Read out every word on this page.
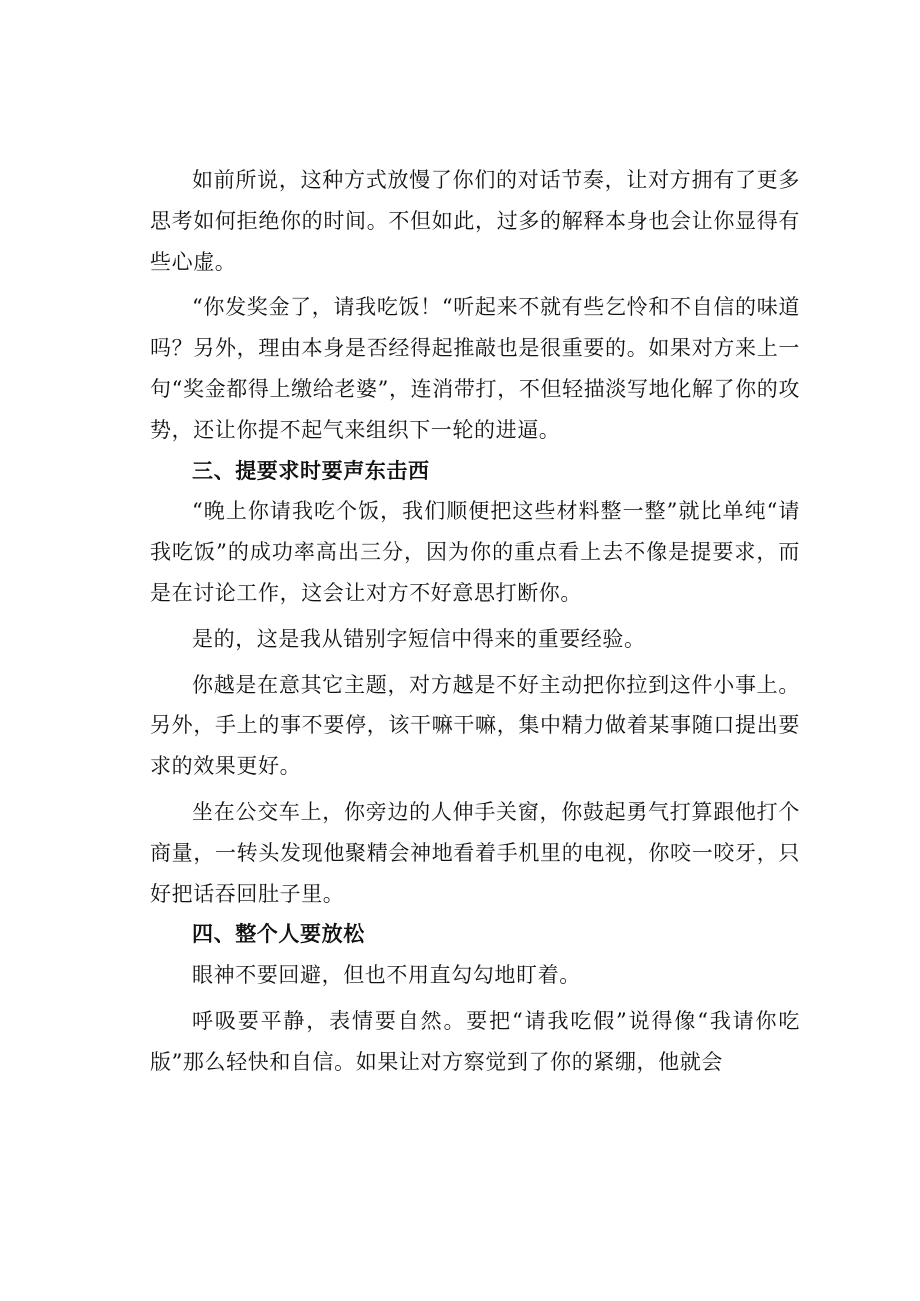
如前所说，这种方式放慢了你们的对话节奏，让对方拥有了更多思考如何拒绝你的时间。不但如此，过多的解释本身也会让你显得有些心虚。

“你发奖金了，请我吃饭！“听起来不就有些乞怜和不自信的味道吗？另外，理由本身是否经得起推敲也是很重要的。如果对方来上一句“奖金都得上缴给老婆”，连消带打，不但轻描淡写地化解了你的攻势，还让你提不起气来组织下一轮的进逼。

三、提要求时要声东击西

“晚上你请我吃个饭，我们顺便把这些材料整一整”就比单纯“请我吃饭”的成功率高出三分，因为你的重点看上去不像是提要求，而是在讨论工作，这会让对方不好意思打断你。

是的，这是我从错别字短信中得来的重要经验。

你越是在意其它主题，对方越是不好主动把你拉到这件小事上。另外，手上的事不要停，该干嘛干嘛，集中精力做着某事随口提出要求的效果更好。

坐在公交车上，你旁边的人伸手关窗，你鼓起勇气打算跟他打个商量，一转头发现他聚精会神地看着手机里的电视，你咬一咬牙，只好把话吞回肚子里。

四、整个人要放松

眼神不要回避，但也不用直勾勾地盯着。

呼吸要平静，表情要自然。要把“请我吃假”说得像“我请你吃版”那么轻快和自信。如果让对方察觉到了你的紧绷，他就会
